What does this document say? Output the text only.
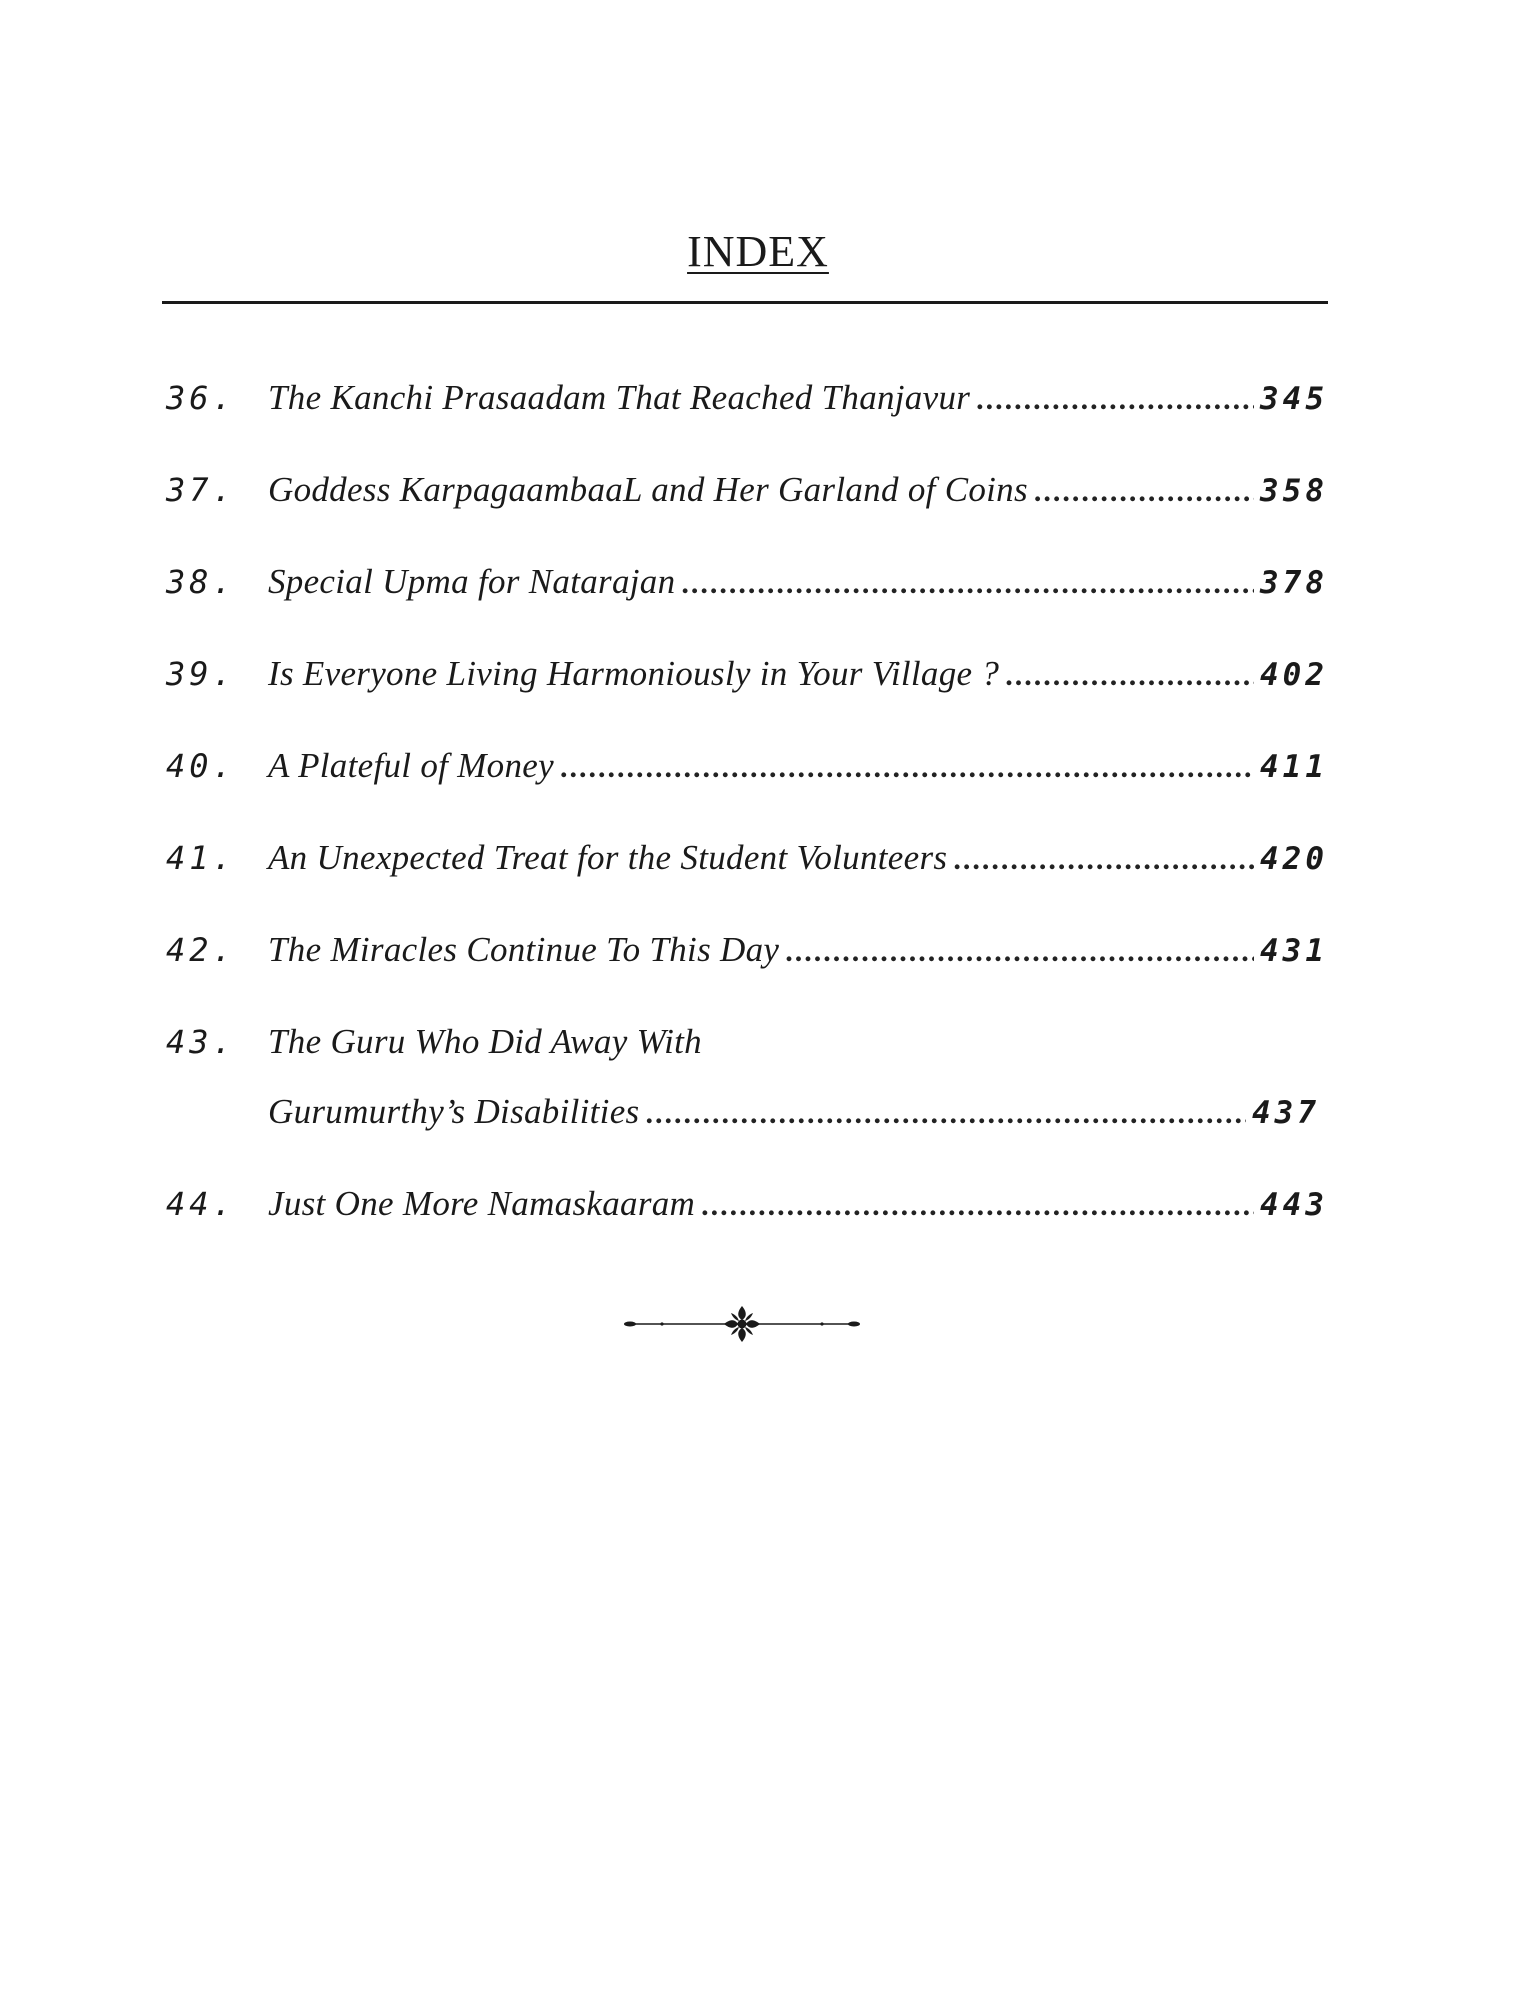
INDEX
36. The Kanchi Prasaadam That Reached Thanjavur .....	345
37. Goddess KarpagaambaaL and Her Garland of Coins .....	358
38. Special Upma for Natarajan .....	378
39. Is Everyone Living Harmoniously in Your Village ? .....	402
40. A Plateful of Money .....	411
41. An Unexpected Treat for the Student Volunteers .....	420
42. The Miracles Continue To This Day .....	431
43. The Guru Who Did Away With
Gurumurthy’s Disabilities .....	437
44. Just One More Namaskaaram .....	443
